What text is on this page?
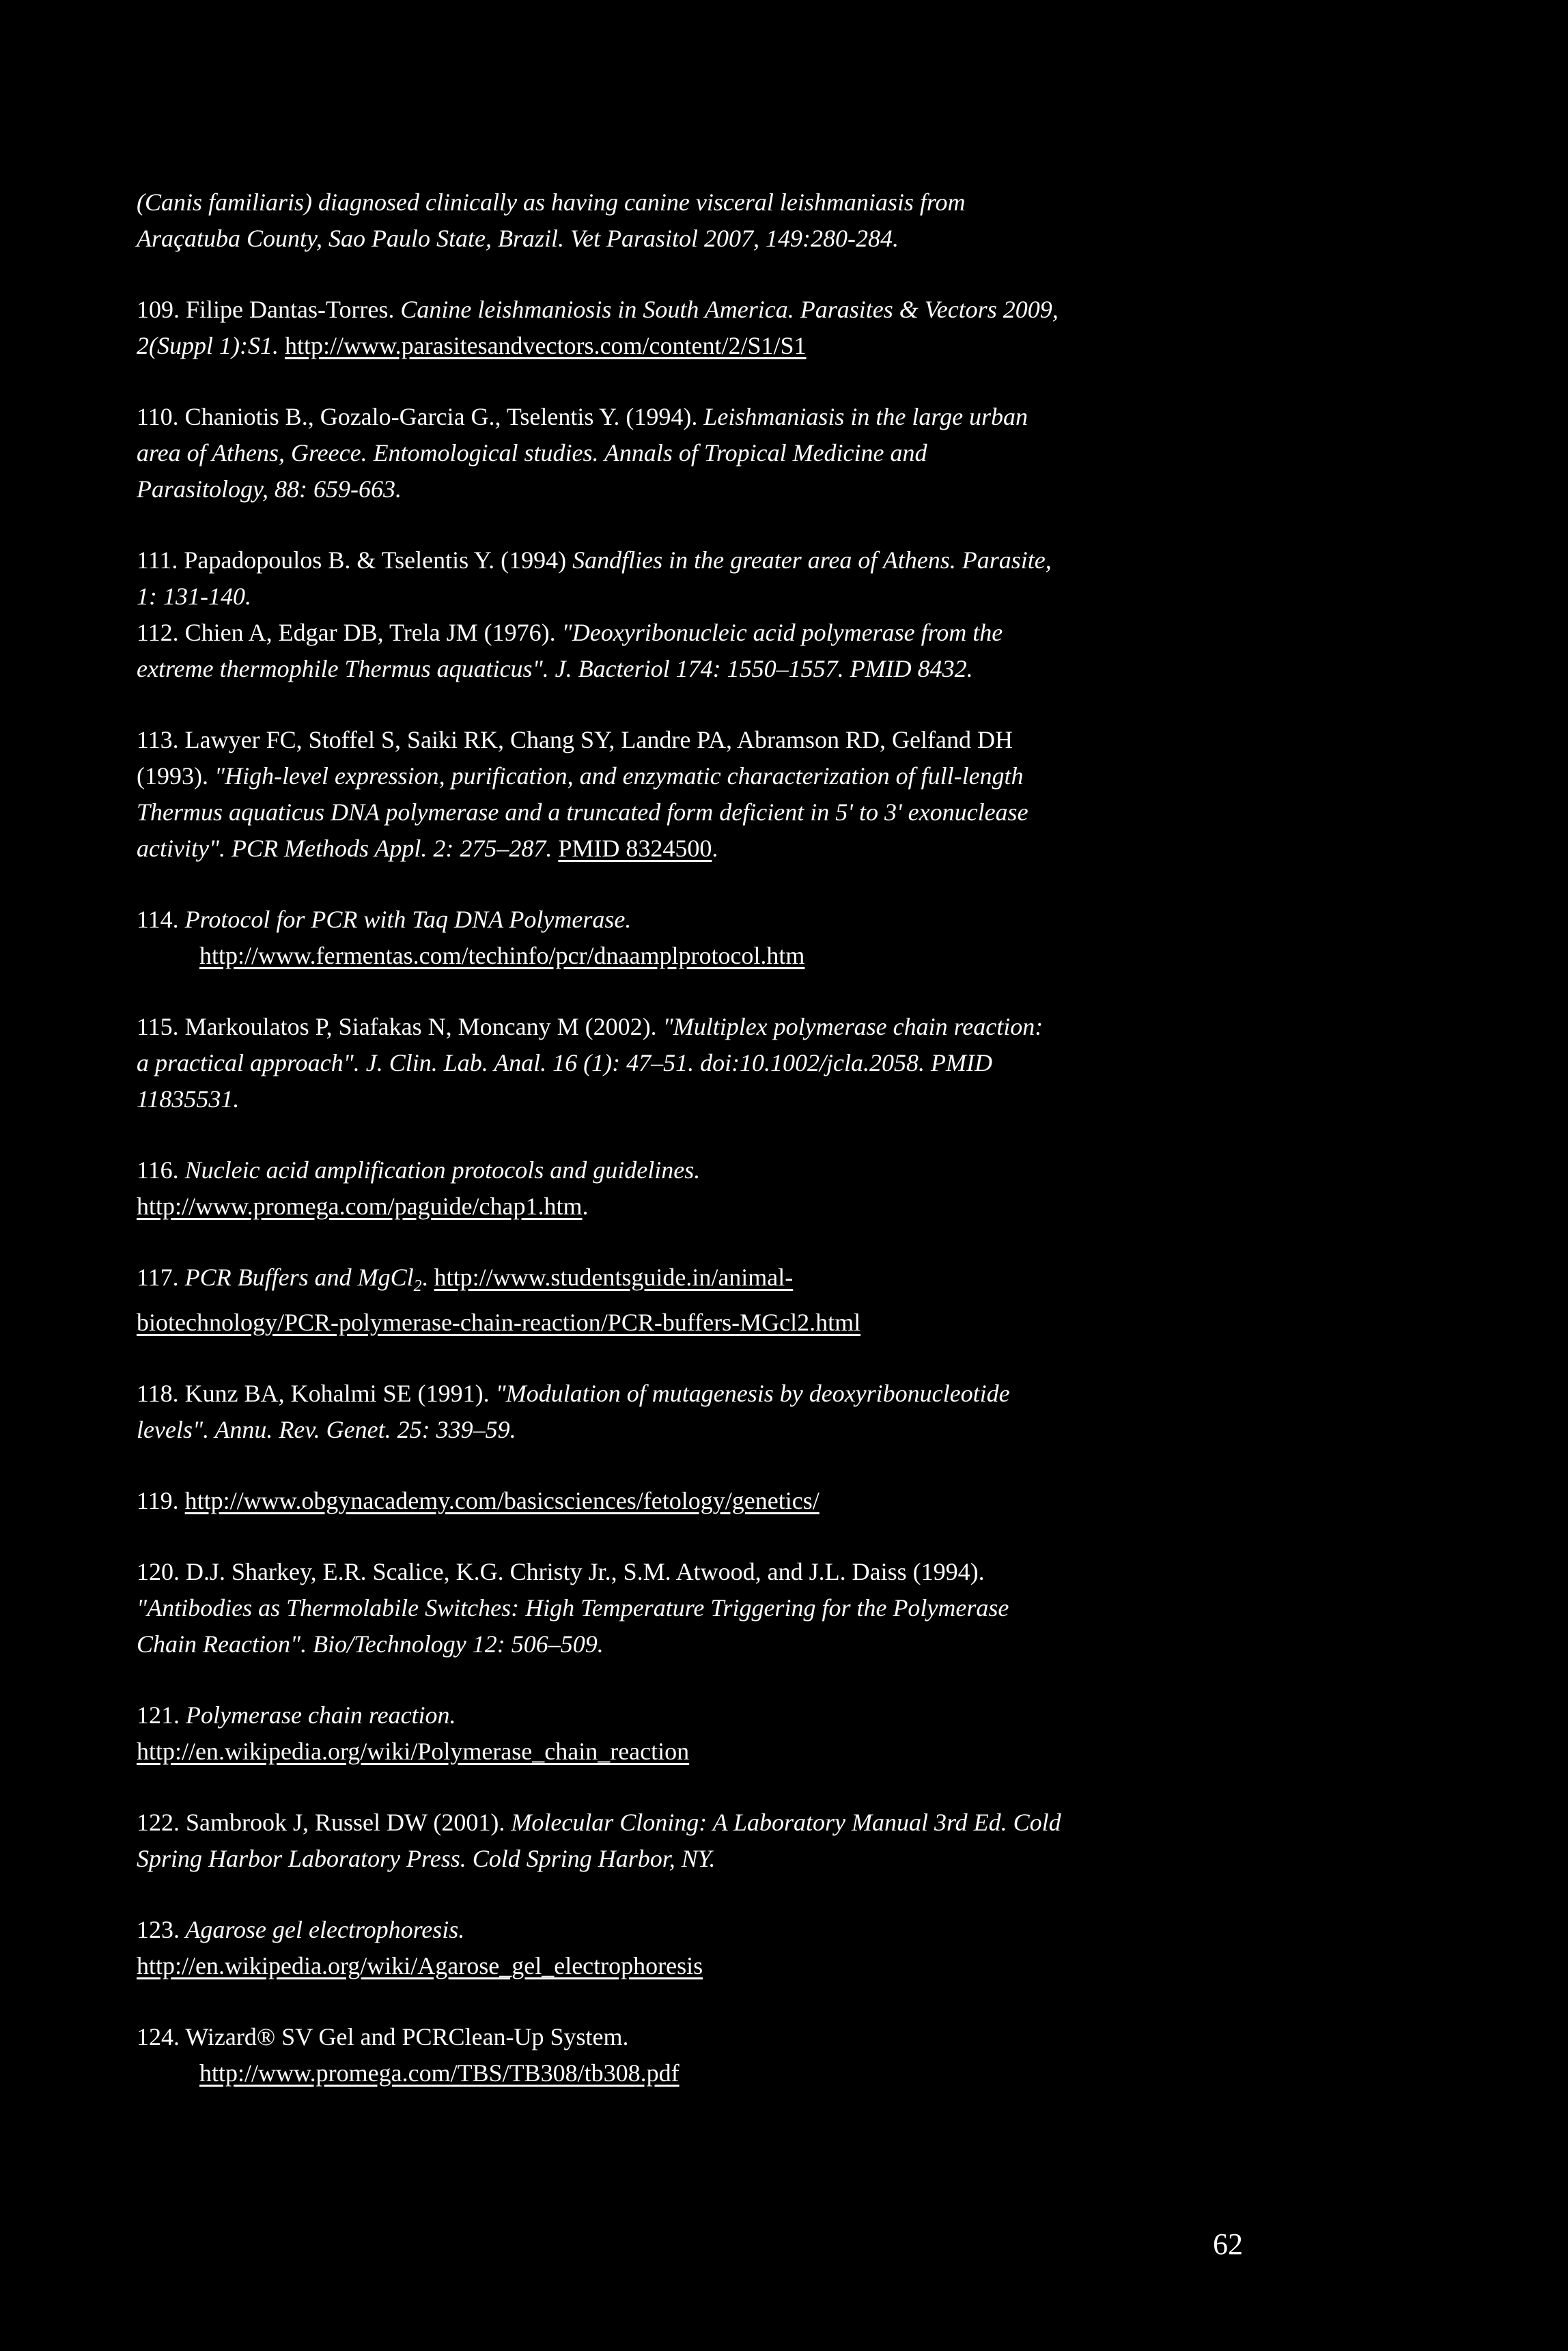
(Canis familiaris) diagnosed clinically as having canine visceral leishmaniasis from

Araçatuba County, Sao Paulo State, Brazil. Vet Parasitol 2007, 149:280-284.

109. Filipe Dantas-Torres. Canine leishmaniosis in South America. Parasites & Vectors 2009,

2(Suppl 1):S1. http://www.parasitesandvectors.com/content/2/S1/S1

110. Chaniotis B., Gozalo-Garcia G., Tselentis Y. (1994). Leishmaniasis in the large urban

area of Athens, Greece. Entomological studies. Annals of Tropical Medicine and

Parasitology, 88: 659-663.

111. Papadopoulos B. & Tselentis Y. (1994) Sandflies in the greater area of Athens. Parasite,

1: 131-140.

112. Chien A, Edgar DB, Trela JM (1976). "Deoxyribonucleic acid polymerase from the

extreme thermophile Thermus aquaticus". J. Bacteriol 174: 1550–1557. PMID 8432.

113. Lawyer FC, Stoffel S, Saiki RK, Chang SY, Landre PA, Abramson RD, Gelfand DH

(1993). "High-level expression, purification, and enzymatic characterization of full-length

Thermus aquaticus DNA polymerase and a truncated form deficient in 5' to 3' exonuclease

activity". PCR Methods Appl. 2: 275–287. PMID 8324500.

114. Protocol for PCR with Taq DNA Polymerase.

http://www.fermentas.com/techinfo/pcr/dnaamplprotocol.htm

115. Markoulatos P, Siafakas N, Moncany M (2002). "Multiplex polymerase chain reaction:

a practical approach". J. Clin. Lab. Anal. 16 (1): 47–51. doi:10.1002/jcla.2058. PMID

11835531.

116. Nucleic acid amplification protocols and guidelines.

http://www.promega.com/paguide/chap1.htm.

117. PCR Buffers and MgCl$_2$. http://www.studentsguide.in/animal-

biotechnology/PCR-polymerase-chain-reaction/PCR-buffers-MGcl2.html

118. Kunz BA, Kohalmi SE (1991). "Modulation of mutagenesis by deoxyribonucleotide

levels". Annu. Rev. Genet. 25: 339–59.

119. http://www.obgynacademy.com/basicsciences/fetology/genetics/

120. D.J. Sharkey, E.R. Scalice, K.G. Christy Jr., S.M. Atwood, and J.L. Daiss (1994).

"Antibodies as Thermolabile Switches: High Temperature Triggering for the Polymerase

Chain Reaction". Bio/Technology 12: 506–509.

121. Polymerase chain reaction.

http://en.wikipedia.org/wiki/Polymerase_chain_reaction

122. Sambrook J, Russel DW (2001). Molecular Cloning: A Laboratory Manual 3rd Ed. Cold

Spring Harbor Laboratory Press. Cold Spring Harbor, NY.

123. Agarose gel electrophoresis.

http://en.wikipedia.org/wiki/Agarose_gel_electrophoresis

124. Wizard® SV Gel and PCRClean-Up System.

http://www.promega.com/TBS/TB308/tb308.pdf

62
